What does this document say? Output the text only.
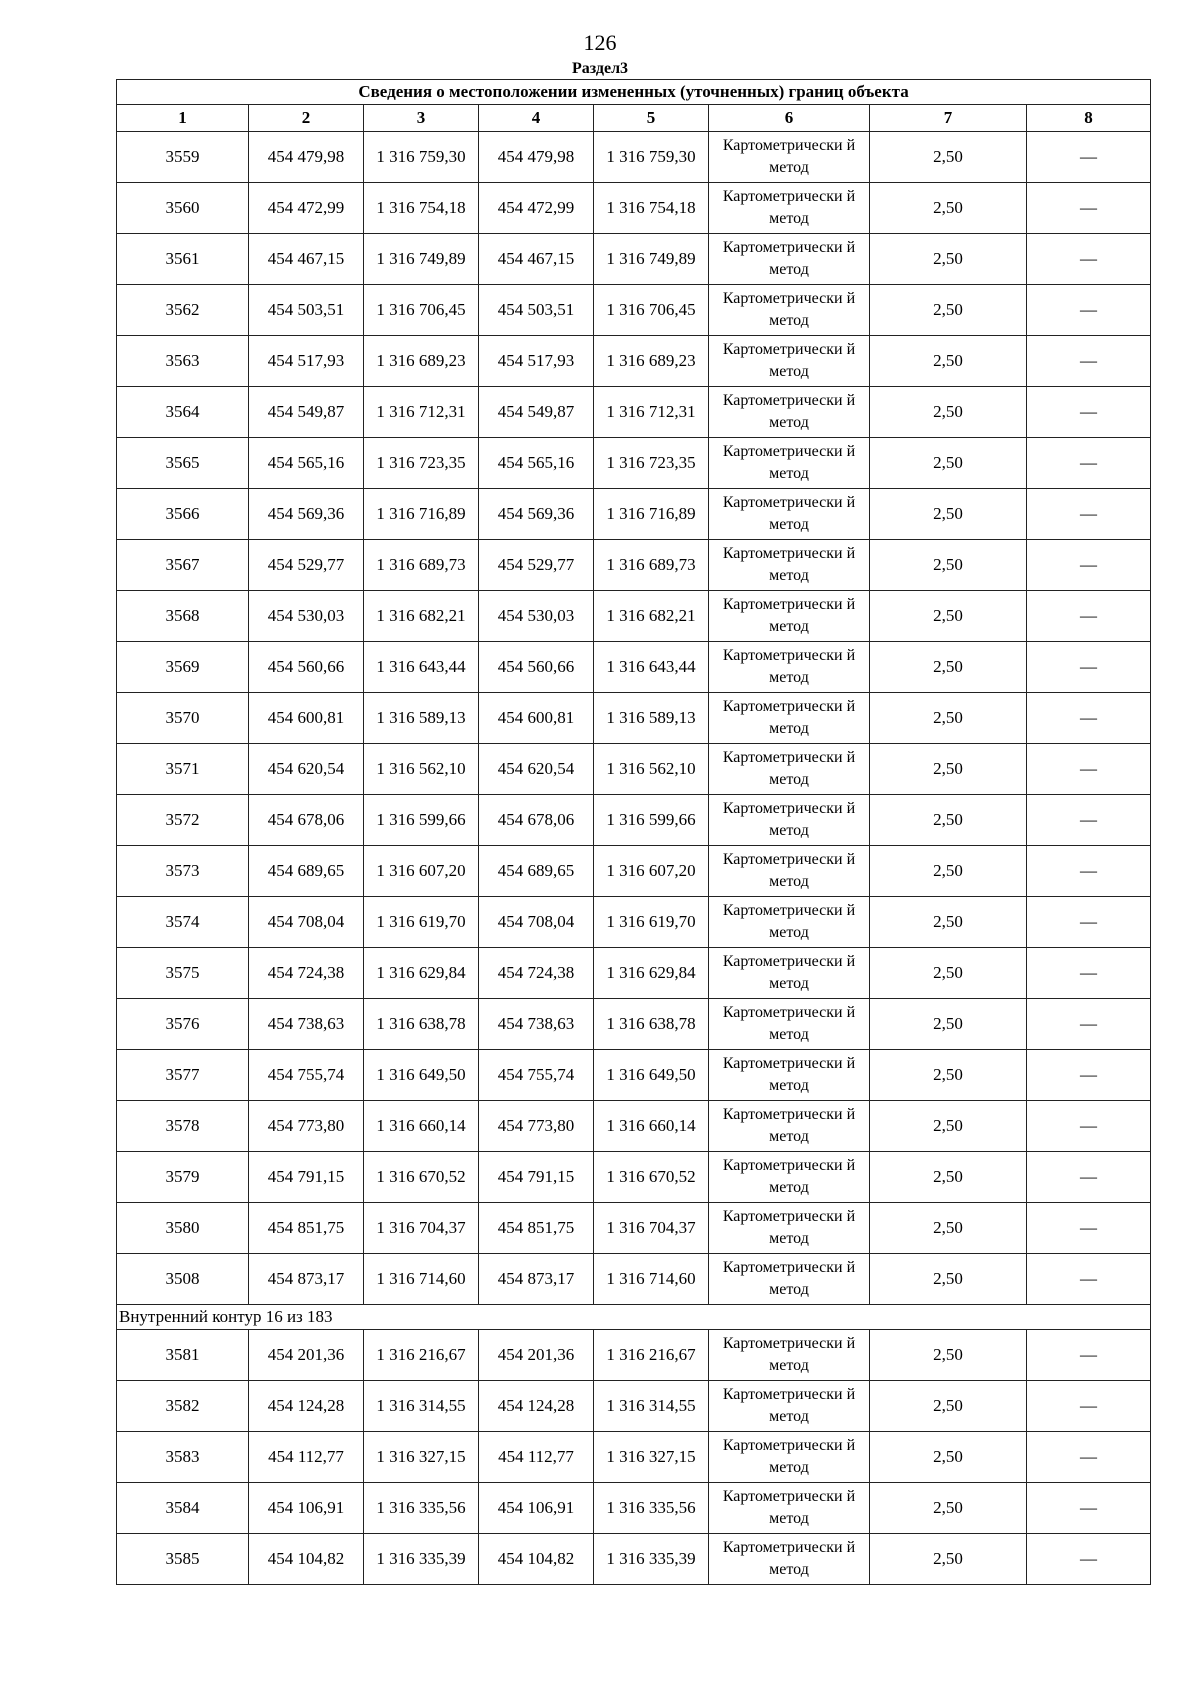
126
Раздел3
Сведения о местоположении измененных (уточненных) границ объекта							
1	2	3	4	5	6	7	8
3559	454 479,98	1 316 759,30	454 479,98	1 316 759,30	Картометрически й метод	2,50	—
3560	454 472,99	1 316 754,18	454 472,99	1 316 754,18	Картометрически й метод	2,50	—
3561	454 467,15	1 316 749,89	454 467,15	1 316 749,89	Картометрически й метод	2,50	—
3562	454 503,51	1 316 706,45	454 503,51	1 316 706,45	Картометрически й метод	2,50	—
3563	454 517,93	1 316 689,23	454 517,93	1 316 689,23	Картометрически й метод	2,50	—
3564	454 549,87	1 316 712,31	454 549,87	1 316 712,31	Картометрически й метод	2,50	—
3565	454 565,16	1 316 723,35	454 565,16	1 316 723,35	Картометрически й метод	2,50	—
3566	454 569,36	1 316 716,89	454 569,36	1 316 716,89	Картометрически й метод	2,50	—
3567	454 529,77	1 316 689,73	454 529,77	1 316 689,73	Картометрически й метод	2,50	—
3568	454 530,03	1 316 682,21	454 530,03	1 316 682,21	Картометрически й метод	2,50	—
3569	454 560,66	1 316 643,44	454 560,66	1 316 643,44	Картометрически й метод	2,50	—
3570	454 600,81	1 316 589,13	454 600,81	1 316 589,13	Картометрически й метод	2,50	—
3571	454 620,54	1 316 562,10	454 620,54	1 316 562,10	Картометрически й метод	2,50	—
3572	454 678,06	1 316 599,66	454 678,06	1 316 599,66	Картометрически й метод	2,50	—
3573	454 689,65	1 316 607,20	454 689,65	1 316 607,20	Картометрически й метод	2,50	—
3574	454 708,04	1 316 619,70	454 708,04	1 316 619,70	Картометрически й метод	2,50	—
3575	454 724,38	1 316 629,84	454 724,38	1 316 629,84	Картометрически й метод	2,50	—
3576	454 738,63	1 316 638,78	454 738,63	1 316 638,78	Картометрически й метод	2,50	—
3577	454 755,74	1 316 649,50	454 755,74	1 316 649,50	Картометрически й метод	2,50	—
3578	454 773,80	1 316 660,14	454 773,80	1 316 660,14	Картометрически й метод	2,50	—
3579	454 791,15	1 316 670,52	454 791,15	1 316 670,52	Картометрически й метод	2,50	—
3580	454 851,75	1 316 704,37	454 851,75	1 316 704,37	Картометрически й метод	2,50	—
3508	454 873,17	1 316 714,60	454 873,17	1 316 714,60	Картометрически й метод	2,50	—
Внутренний контур 16 из 183							
3581	454 201,36	1 316 216,67	454 201,36	1 316 216,67	Картометрически й метод	2,50	—
3582	454 124,28	1 316 314,55	454 124,28	1 316 314,55	Картометрически й метод	2,50	—
3583	454 112,77	1 316 327,15	454 112,77	1 316 327,15	Картометрически й метод	2,50	—
3584	454 106,91	1 316 335,56	454 106,91	1 316 335,56	Картометрически й метод	2,50	—
3585	454 104,82	1 316 335,39	454 104,82	1 316 335,39	Картометрически й метод	2,50	—
